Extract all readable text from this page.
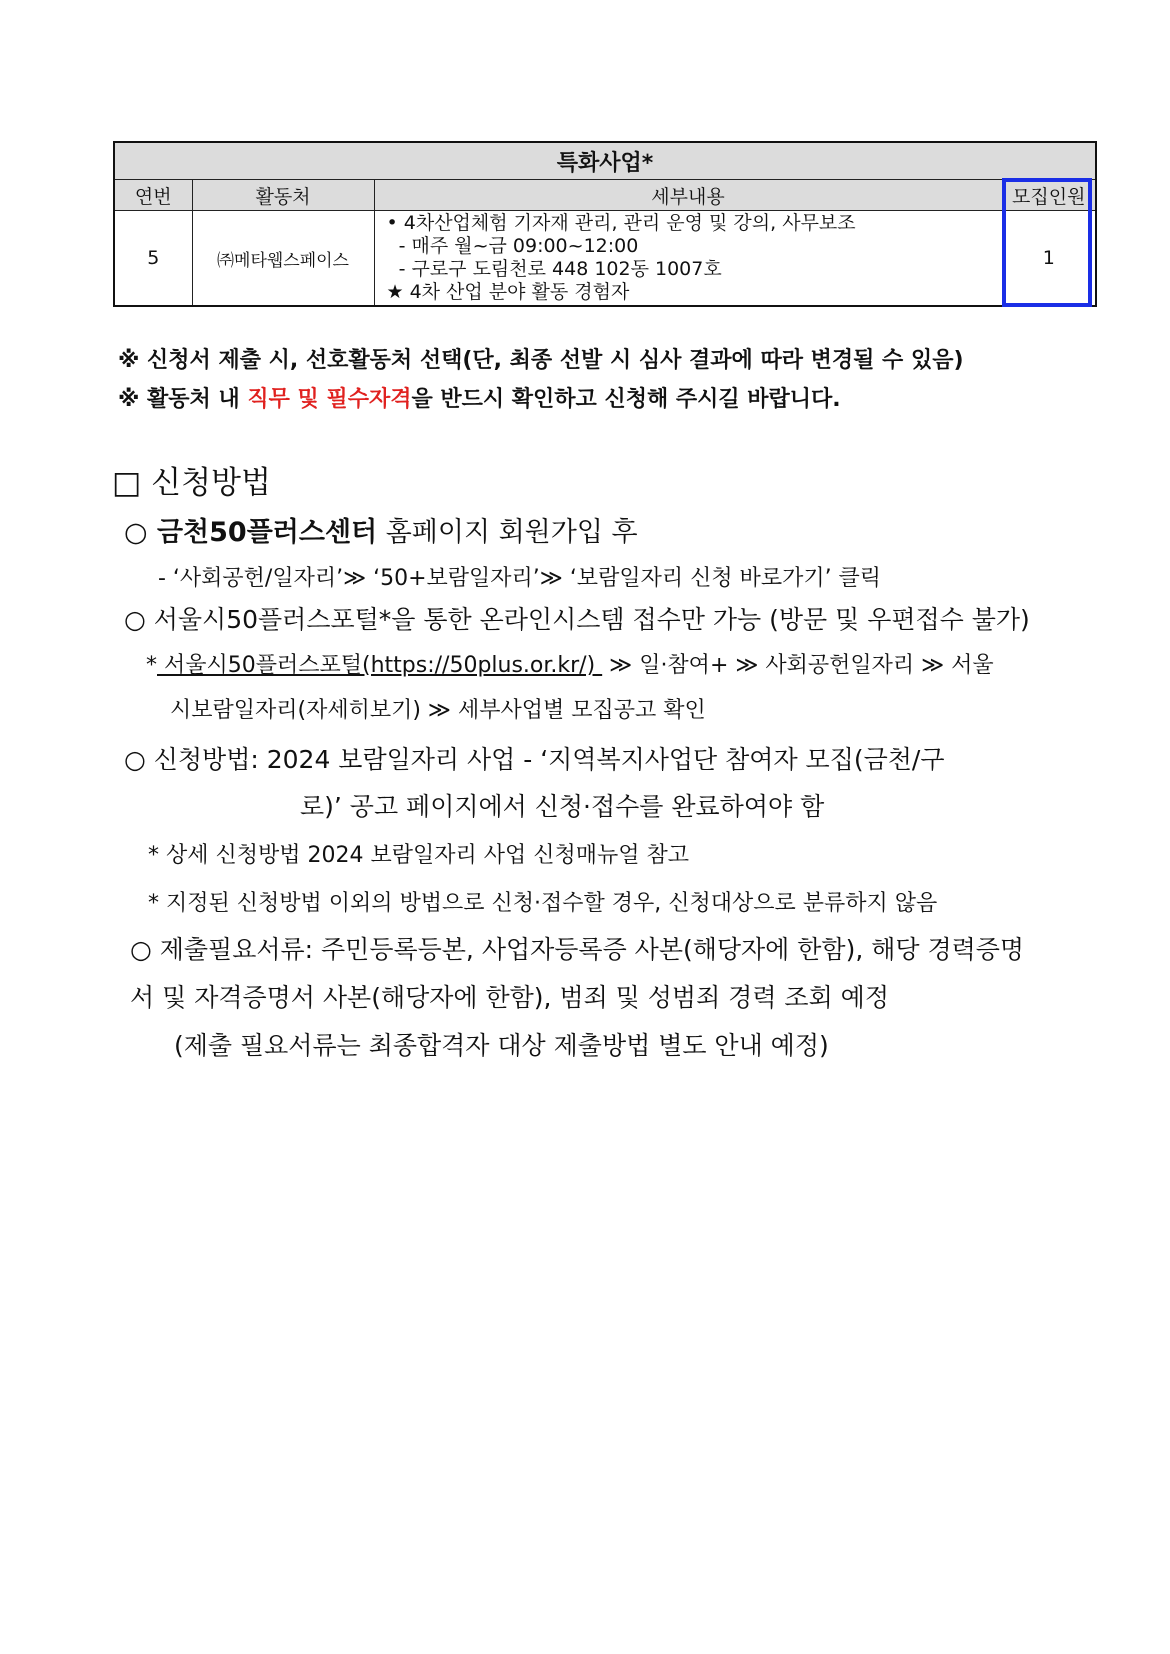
특화사업*			
연번	활동처	세부내용	모집인원
5	㈜메타웹스페이스	• 4차산업체험 기자재 관리, 관리 운영 및 강의, 사무보조
- 매주 월~금 09:00~12:00
- 구로구 도림천로 448 102동 1007호
★ 4차 산업 분야 활동 경험자	1
※ 신청서 제출 시, 선호활동처 선택(단, 최종 선발 시 심사 결과에 따라 변경될 수 있음)
※ 활동처 내 직무 및 필수자격을 반드시 확인하고 신청해 주시길 바랍니다.
□ 신청방법
○ 금천50플러스센터 홈페이지 회원가입 후
- ‘사회공헌/일자리’≫ ‘50+보람일자리’≫ ‘보람일자리 신청 바로가기’ 클릭
○ 서울시50플러스포털*을 통한 온라인시스템 접수만 가능 (방문 및 우편접수 불가)
* 서울시50플러스포털(https://50plus.or.kr/)  ≫ 일·참여+ ≫ 사회공헌일자리 ≫ 서울
시보람일자리(자세히보기) ≫ 세부사업별 모집공고 확인
○ 신청방법: 2024 보람일자리 사업 - ‘지역복지사업단 참여자 모집(금천/구
로)’ 공고 페이지에서 신청·접수를 완료하여야 함
* 상세 신청방법 2024 보람일자리 사업 신청매뉴얼 참고
* 지정된 신청방법 이외의 방법으로 신청·접수할 경우, 신청대상으로 분류하지 않음
○ 제출필요서류: 주민등록등본, 사업자등록증 사본(해당자에 한함), 해당 경력증명
서 및 자격증명서 사본(해당자에 한함), 범죄 및 성범죄 경력 조회 예정
(제출 필요서류는 최종합격자 대상 제출방법 별도 안내 예정)
